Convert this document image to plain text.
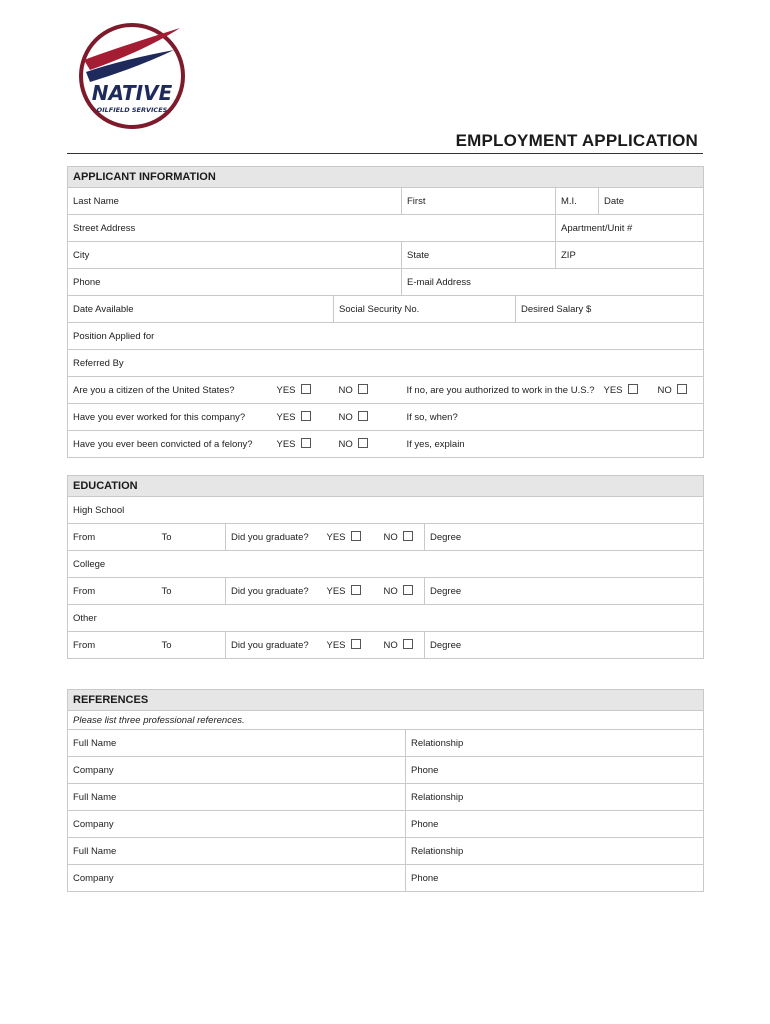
NATIVE
OILFIELD SERVICES
EMPLOYMENT APPLICATION
APPLICANT INFORMATION							
Last Name			First		M.I.	Date	
Street Address					Apartment/Unit #		
City			State		ZIP		
Phone			E-mail Address				
Date Available		Social Security No.		Desired Salary $			
Position Applied for							
Referred By							
Are you a citizen of the United States?	YES	NO	If no, are you authorized to work in the U.S.?			YES	NO
Have you ever worked for this company?	YES	NO	If so, when?				
Have you ever been convicted of a felony?	YES	NO	If yes, explain				
EDUCATION					
High School					
From	To	Did you graduate?	YES	NO	Degree
College					
From	To	Did you graduate?	YES	NO	Degree
Other					
From	To	Did you graduate?	YES	NO	Degree
REFERENCES	
Please list three professional references.	
Full Name	Relationship
Company	Phone
Full Name	Relationship
Company	Phone
Full Name	Relationship
Company	Phone
